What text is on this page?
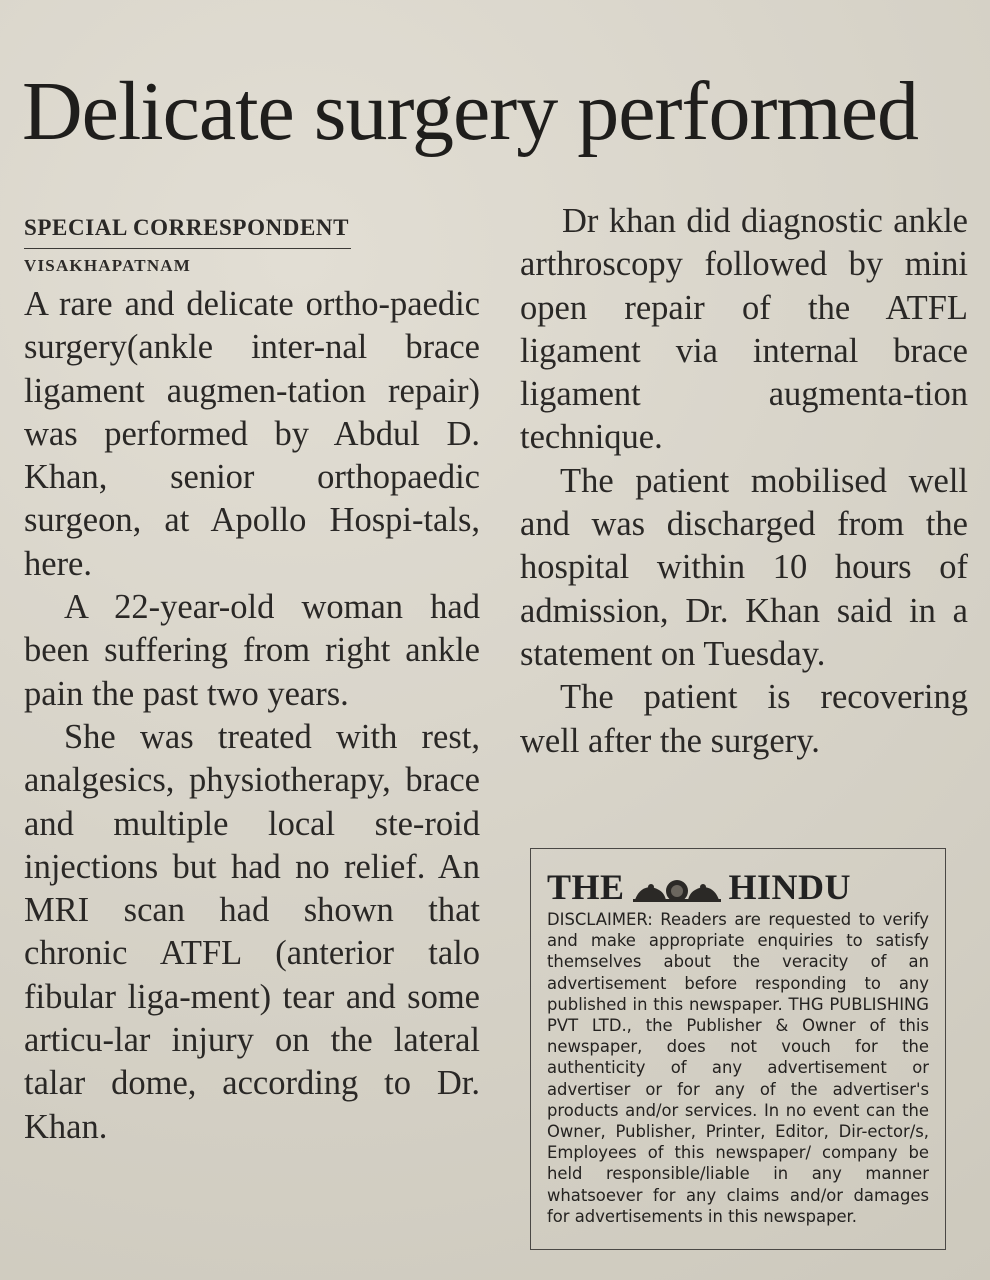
Delicate surgery performed
SPECIAL CORRESPONDENT
VISAKHAPATNAM

A rare and delicate ortho-paedic surgery(ankle inter-nal brace ligament augmen-tation repair) was performed by Abdul D. Khan, senior orthopaedic surgeon, at Apollo Hospi-tals, here.

A 22-year-old woman had been suffering from right ankle pain the past two years.

She was treated with rest, analgesics, physiotherapy, brace and multiple local ste-roid injections but had no relief. An MRI scan had shown that chronic ATFL (anterior talo fibular liga-ment) tear and some articu-lar injury on the lateral talar dome, according to Dr. Khan.

Dr khan did diagnostic ankle arthroscopy followed by mini open repair of the ATFL ligament via internal brace ligament augmenta-tion technique.

The patient mobilised well and was discharged from the hospital within 10 hours of admission, Dr. Khan said in a statement on Tuesday.

The patient is recovering well after the surgery.

THE	HINDU

DISCLAIMER: Readers are requested to verify and make appropriate enquiries to satisfy themselves about the veracity of an advertisement before responding to any published in this newspaper. THG PUBLISHING PVT LTD., the Publisher & Owner of this newspaper, does not vouch for the authenticity of any advertisement or advertiser or for any of the advertiser's products and/or services. In no event can the Owner, Publisher, Printer, Editor, Dir-ector/s, Employees of this newspaper/ company be held responsible/liable in any manner whatsoever for any claims and/or damages for advertisements in this newspaper.
